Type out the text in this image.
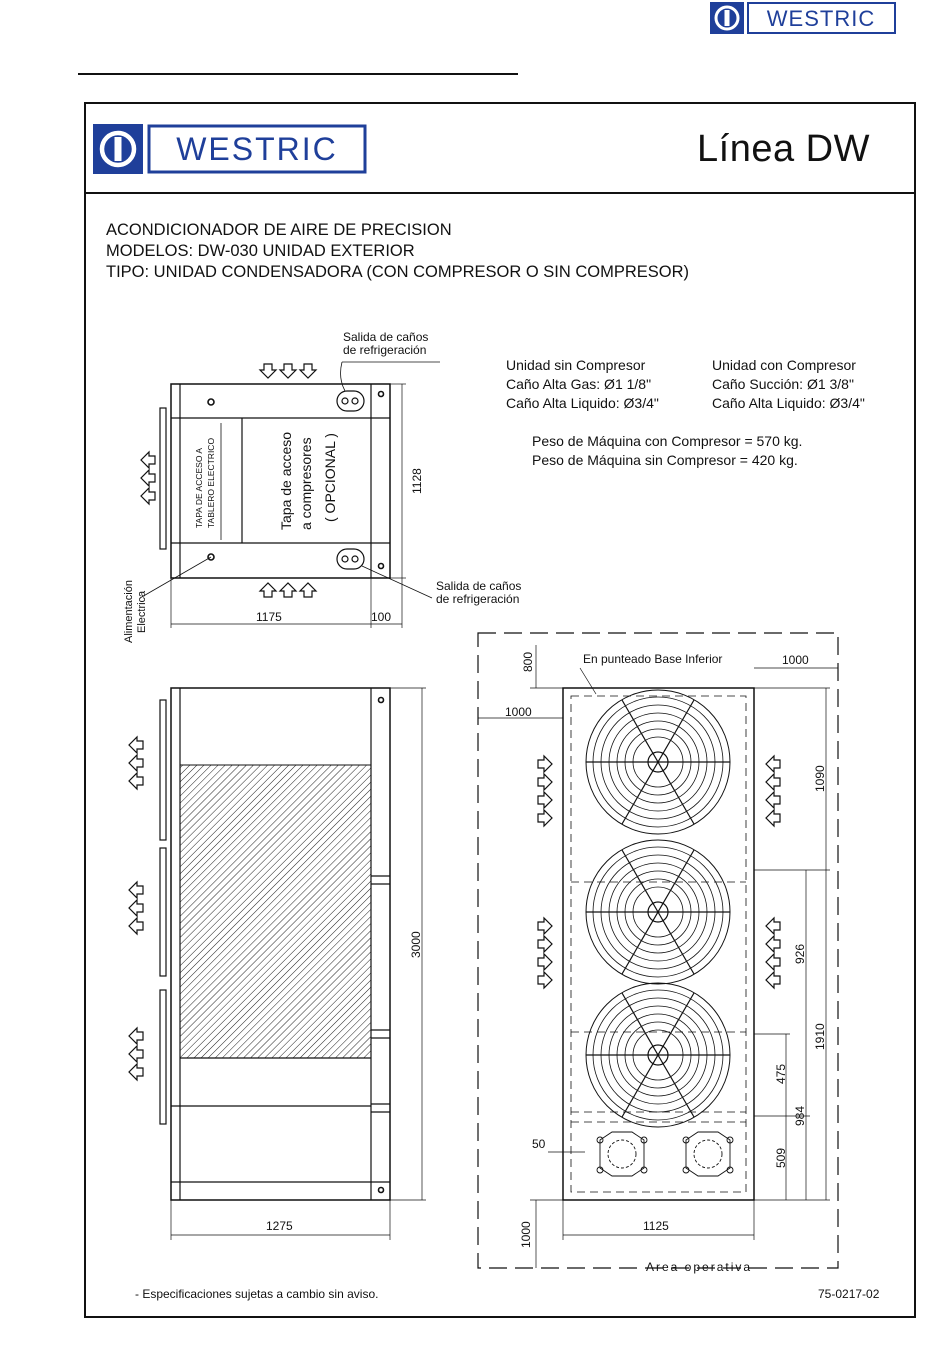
WESTRIC
WESTRIC	Línea DW
ACONDICIONADOR DE AIRE DE PRECISION
MODELOS: DW-030 UNIDAD EXTERIOR
TIPO: UNIDAD CONDENSADORA (CON COMPRESOR O SIN COMPRESOR)
Unidad sin Compresor
Caño Alta Gas: Ø1 1/8"
Caño Alta Liquido: Ø3/4"
Unidad con Compresor
Caño Succión: Ø1 3/8"
Caño Alta Liquido: Ø3/4"
Peso de Máquina con Compresor = 570 kg.
Peso de Máquina sin Compresor = 420 kg.
Salida de caños
de refrigeración
Salida de caños
de refrigeración
TAPA DE ACCESO A TABLERO ELECTRICO	Tapa de acceso a compresores ( OPCIONAL )
Alimentación Electrica
En punteado Base Inferior
Area operativa
1128
1175	100
3000
1275
800	1000
1000
1090
926
1910
475
984
509
50
1125
1000
- Especificaciones sujetas a cambio sin aviso.	75-0217-02
